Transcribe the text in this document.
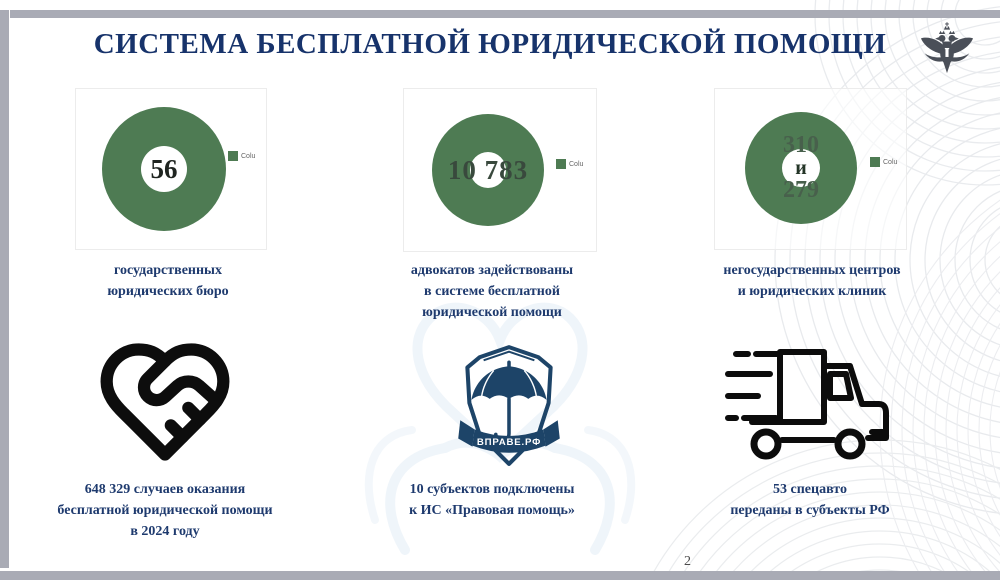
СИСТЕМА БЕСПЛАТНОЙ ЮРИДИЧЕСКОЙ ПОМОЩИ
56	Colu	10 783	Colu
310
и
279
Colu
государственных
юридических бюро
адвокатов задействованы
в системе бесплатной
юридической помощи
негосударственных центров
и юридических клиник
ВПРАВЕ.РФ
648 329 случаев оказания
бесплатной юридической помощи
в 2024 году
10 субъектов подключены
к ИС «Правовая помощь»
53 спецавто
переданы в субъекты РФ
2
